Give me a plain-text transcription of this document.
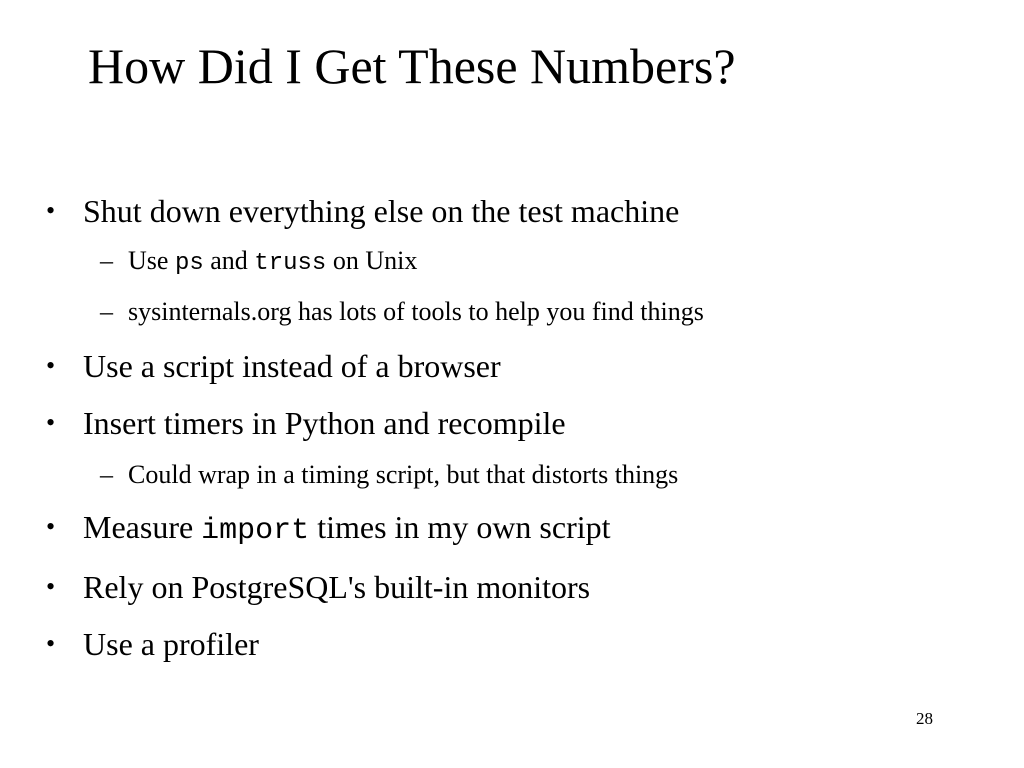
How Did I Get These Numbers?
• Shut down everything else on the test machine
– Use ps and truss on Unix
– sysinternals.org has lots of tools to help you find things
• Use a script instead of a browser
• Insert timers in Python and recompile
– Could wrap in a timing script, but that distorts things
• Measure import times in my own script
• Rely on PostgreSQL's built-in monitors
• Use a profiler
28
